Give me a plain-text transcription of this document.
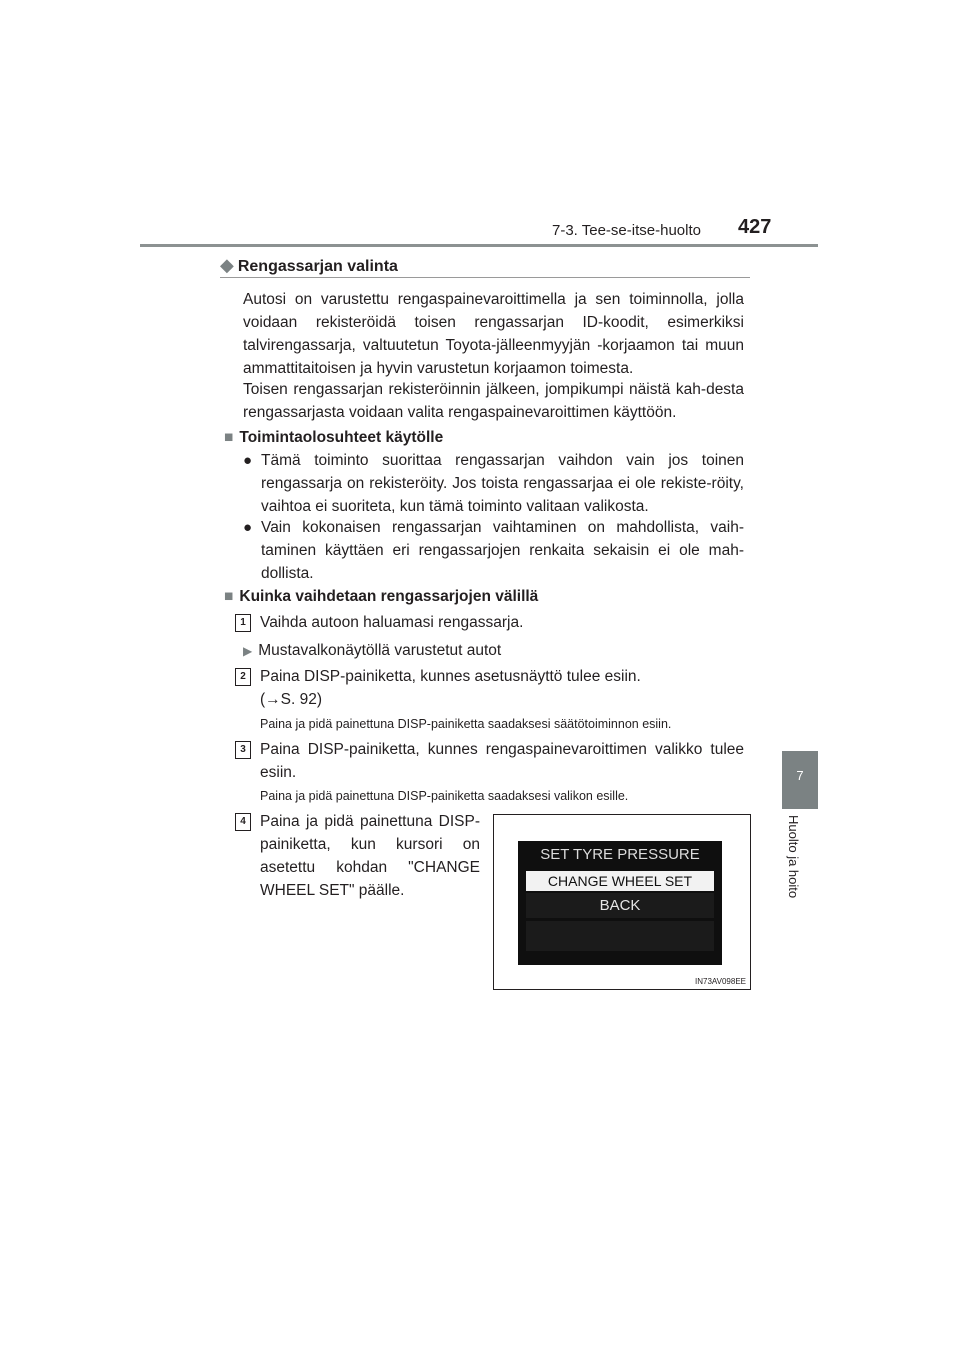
7-3. Tee-se-itse-huolto 427
7
Huolto ja hoito
◆ Rengassarjan valinta
Autosi on varustettu rengaspainevaroittimella ja sen toiminnolla, jolla voidaan rekisteröidä toisen rengassarjan ID-koodit, esimerkiksi talvirengassarja, valtuutetun Toyota-jälleenmyyjän -korjaamon tai muun ammattitaitoisen ja hyvin varustetun korjaamon toimesta.
Toisen rengassarjan rekisteröinnin jälkeen, jompikumpi näistä kah-desta rengassarjasta voidaan valita rengaspainevaroittimen käyttöön.
■ Toimintaolosuhteet käytölle
● Tämä toiminto suorittaa rengassarjan vaihdon vain jos toinen rengassarja on rekisteröity. Jos toista rengassarjaa ei ole rekiste-röity, vaihtoa ei suoriteta, kun tämä toiminto valitaan valikosta.
● Vain kokonaisen rengassarjan vaihtaminen on mahdollista, vaih-taminen käyttäen eri rengassarjojen renkaita sekaisin ei ole mah-dollista.
■ Kuinka vaihdetaan rengassarjojen välillä
1 Vaihda autoon haluamasi rengassarja.
▶ Mustavalkonäytöllä varustetut autot
2 Paina DISP-painiketta, kunnes asetusnäyttö tulee esiin.
(→S. 92)
Paina ja pidä painettuna DISP-painiketta saadaksesi säätötoiminnon esiin.
3 Paina DISP-painiketta, kunnes rengaspainevaroittimen valikko tulee esiin.
Paina ja pidä painettuna DISP-painiketta saadaksesi valikon esille.
4 Paina ja pidä painettuna DISP-painiketta, kun kursori on asetettu kohdan "CHANGE WHEEL SET" päälle.
SET TYRE PRESSURE
CHANGE WHEEL SET
BACK
IN73AV098EE
